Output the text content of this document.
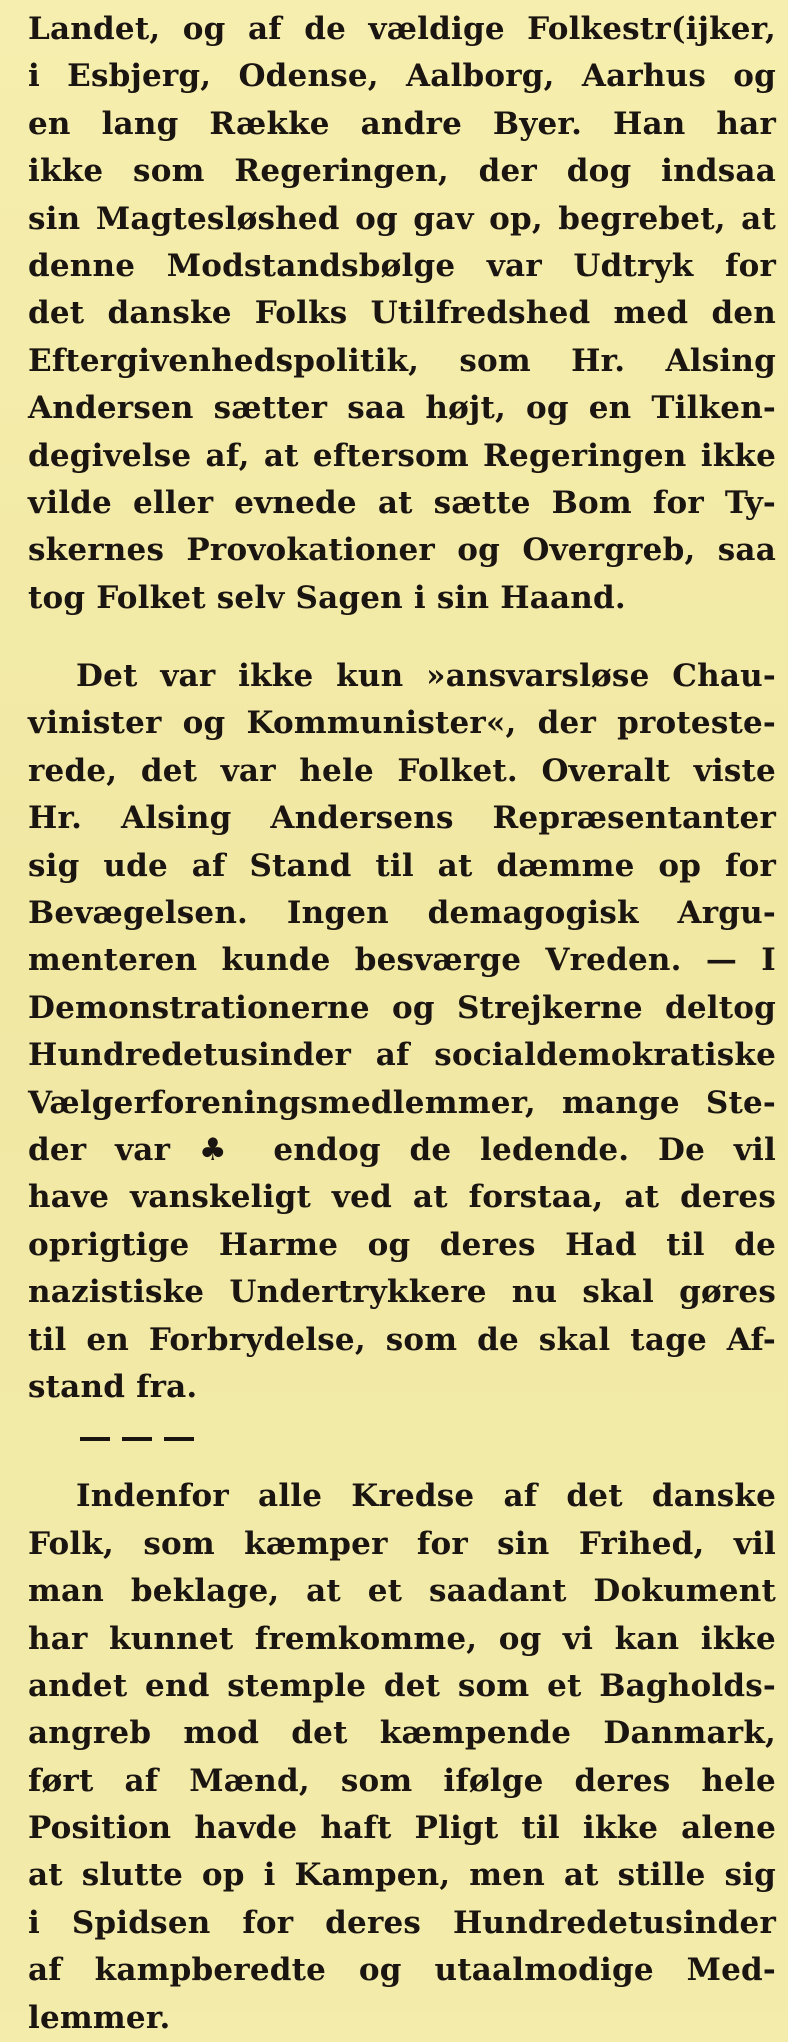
Landet, og af de vældige Folkestr(ijker,
i Esbjerg, Odense, Aalborg, Aarhus og
en lang Række andre Byer. Han har
ikke som Regeringen, der dog indsaa
sin Magtesløshed og gav op, begrebet, at
denne Modstandsbølge var Udtryk for
det danske Folks Utilfredshed med den
Eftergivenhedspolitik, som Hr. Alsing
Andersen sætter saa højt, og en Tilken-
degivelse af, at eftersom Regeringen ikke
vilde eller evnede at sætte Bom for Ty-
skernes Provokationer og Overgreb, saa
tog Folket selv Sagen i sin Haand.
Det var ikke kun »ansvarsløse Chau-
vinister og Kommunister«, der proteste-
rede, det var hele Folket. Overalt viste
Hr. Alsing Andersens Repræsentanter
sig ude af Stand til at dæmme op for
Bevægelsen. Ingen demagogisk Argu-
menteren kunde besværge Vreden. — I
Demonstrationerne og Strejkerne deltog
Hundredetusinder af socialdemokratiske
Vælgerforeningsmedlemmer, mange Ste-
der var ♣ endog de ledende. De vil
have vanskeligt ved at forstaa, at deres
oprigtige Harme og deres Had til de
nazistiske Undertrykkere nu skal gøres
til en Forbrydelse, som de skal tage Af-
stand fra.
Indenfor alle Kredse af det danske
Folk, som kæmper for sin Frihed, vil
man beklage, at et saadant Dokument
har kunnet fremkomme, og vi kan ikke
andet end stemple det som et Bagholds-
angreb mod det kæmpende Danmark,
ført af Mænd, som ifølge deres hele
Position havde haft Pligt til ikke alene
at slutte op i Kampen, men at stille sig
i Spidsen for deres Hundredetusinder
af kampberedte og utaalmodige Med-
lemmer.
